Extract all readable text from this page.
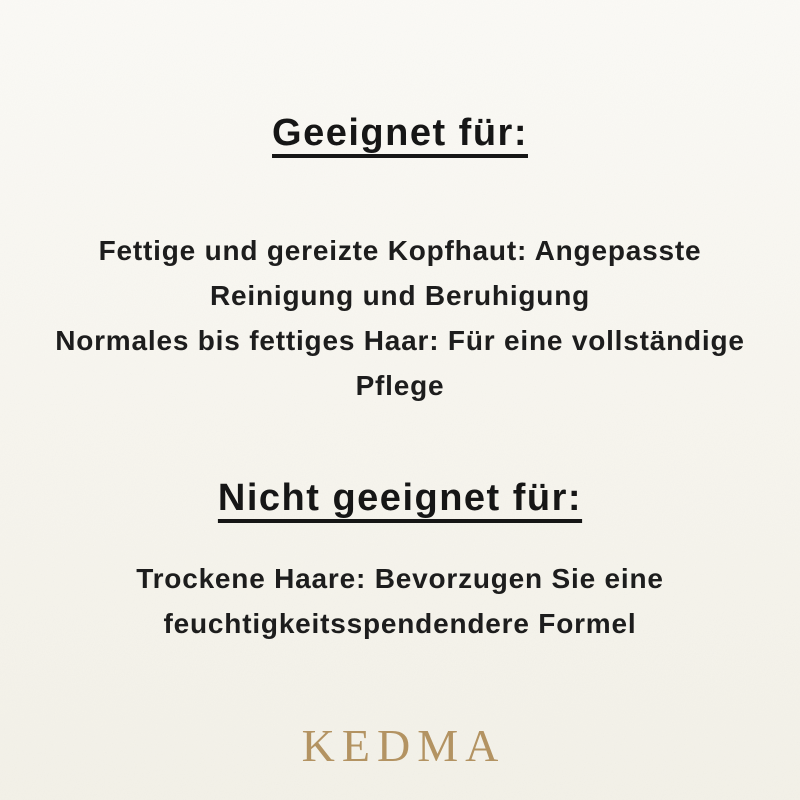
Geeignet für:
Fettige und gereizte Kopfhaut: Angepasste
Reinigung und Beruhigung
Normales bis fettiges Haar: Für eine vollständige
Pflege
Nicht geeignet für:
Trockene Haare: Bevorzugen Sie eine
feuchtigkeitsspendendere Formel
KEDMA
